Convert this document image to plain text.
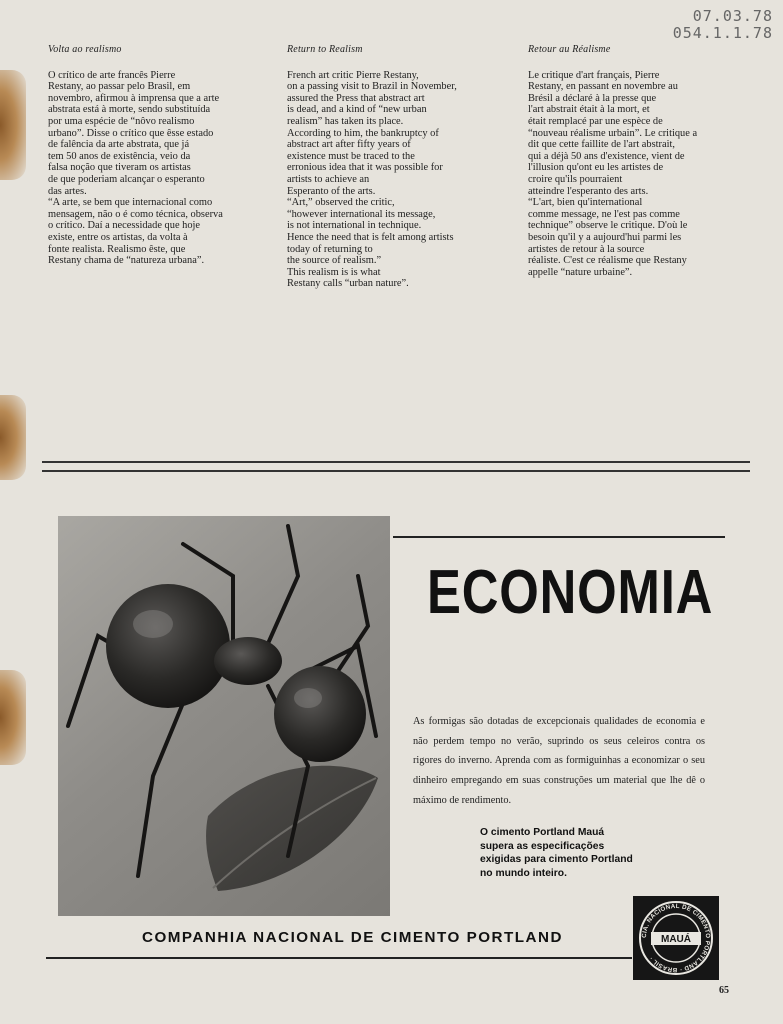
07.03.78
054.1.1.78
Volta ao realismo

O crítico de arte francês Pierre
Restany, ao passar pelo Brasil, em
novembro, afirmou à imprensa que a arte
abstrata está à morte, sendo substituída
por uma espécie de “nôvo realismo
urbano”. Disse o crítico que êsse estado
de falência da arte abstrata, que já
tem 50 anos de existência, veio da
falsa noção que tiveram os artistas
de que poderiam alcançar o esperanto
das artes.
“A arte, se bem que internacional como
mensagem, não o é como técnica, observa
o crítico. Daí a necessidade que hoje
existe, entre os artistas, da volta à
fonte realista. Realismo êste, que
Restany chama de “natureza urbana”.

Return to Realism

French art critic Pierre Restany,
on a passing visit to Brazil in November,
assured the Press that abstract art
is dead, and a kind of “new urban
realism” has taken its place.
According to him, the bankruptcy of
abstract art after fifty years of
existence must be traced to the
erronious idea that it was possible for
artists to achieve an
Esperanto of the arts.
“Art,” observed the critic,
“however international its message,
is not international in technique.
Hence the need that is felt among artists
today of returning to
the source of realism.”
This realism is is what
Restany calls “urban nature”.

Retour au Réalisme

Le critique d'art français, Pierre
Restany, en passant en novembre au
Brésil a déclaré à la presse que
l'art abstrait était à la mort, et
était remplacé par une espèce de
“nouveau réalisme urbain”. Le critique a
dit que cette faillite de l'art abstrait,
qui a déjà 50 ans d'existence, vient de
l'illusion qu'ont eu les artistes de
croire qu'ils pourraient
atteindre l'esperanto des arts.
“L'art, bien qu'international
comme message, ne l'est pas comme
technique” observe le critique. D'où le
besoin qu'il y a aujourd'hui parmi les
artistes de retour à la source
réaliste. C'est ce réalisme que Restany
appelle “nature urbaine”.

ECONOMIA

As formigas são dotadas de excepcionais qualidades de economia e não perdem tempo no verão, suprindo os seus celeiros contra os rigores do inverno. Aprenda com as formiguinhas a economizar o seu dinheiro empregando em suas construções um material que lhe dê o máximo de rendimento.

O cimento Portland Mauá supera as especificações exigidas para cimento Portland no mundo inteiro.
COMPANHIA NACIONAL DE CIMENTO PORTLAND	CIA. NACIONAL DE CIMENTO PORTLAND · BRASIL ·
MAUÁ
65
